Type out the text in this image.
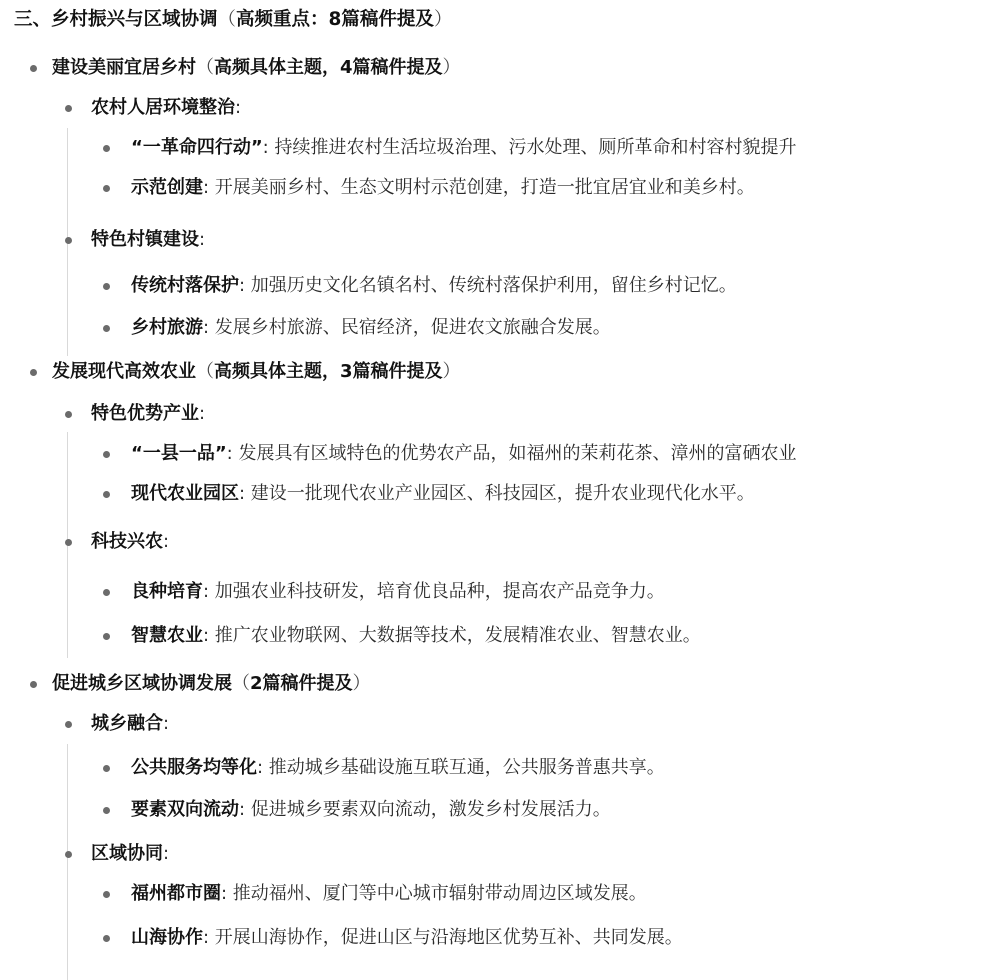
三、乡村振兴与区域协调（高频重点：8篇稿件提及）
建设美丽宜居乡村（高频具体主题，4篇稿件提及）
农村人居环境整治:
“一革命四行动”: 持续推进农村生活垃圾治理、污水处理、厕所革命和村容村貌提升
示范创建: 开展美丽乡村、生态文明村示范创建，打造一批宜居宜业和美乡村。
特色村镇建设:
传统村落保护: 加强历史文化名镇名村、传统村落保护利用，留住乡村记忆。
乡村旅游: 发展乡村旅游、民宿经济，促进农文旅融合发展。
发展现代高效农业（高频具体主题，3篇稿件提及）
特色优势产业:
“一县一品”: 发展具有区域特色的优势农产品，如福州的茉莉花茶、漳州的富硒农业
现代农业园区: 建设一批现代农业产业园区、科技园区，提升农业现代化水平。
科技兴农:
良种培育: 加强农业科技研发，培育优良品种，提高农产品竞争力。
智慧农业: 推广农业物联网、大数据等技术，发展精准农业、智慧农业。
促进城乡区域协调发展（2篇稿件提及）
城乡融合:
公共服务均等化: 推动城乡基础设施互联互通，公共服务普惠共享。
要素双向流动: 促进城乡要素双向流动，激发乡村发展活力。
区域协同:
福州都市圈: 推动福州、厦门等中心城市辐射带动周边区域发展。
山海协作: 开展山海协作，促进山区与沿海地区优势互补、共同发展。
